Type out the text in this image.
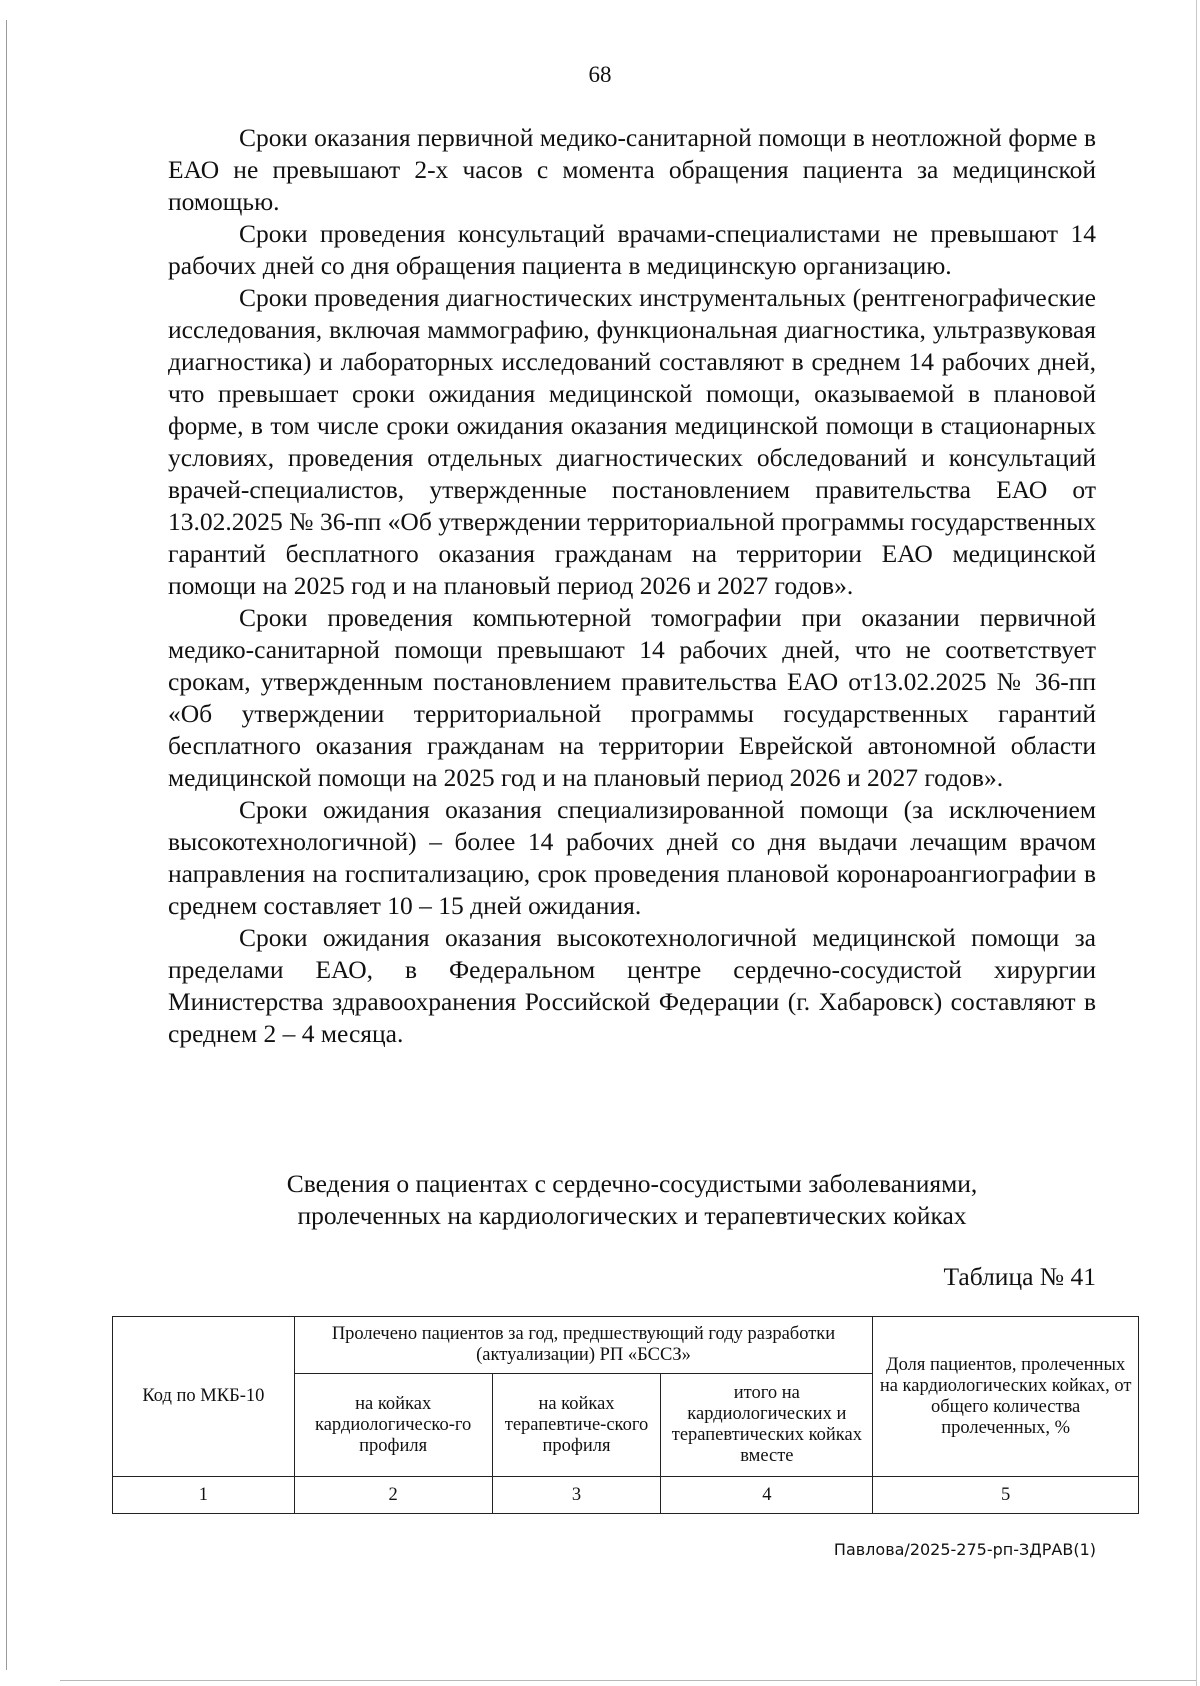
68

Сроки оказания первичной медико-санитарной помощи в неотложной форме в ЕАО не превышают 2-х часов с момента обращения пациента за медицинской помощью.

Сроки проведения консультаций врачами-специалистами не превышают 14 рабочих дней со дня обращения пациента в медицинскую организацию.

Сроки проведения диагностических инструментальных (рентгенографические исследования, включая маммографию, функциональная диагностика, ультразвуковая диагностика) и лабораторных исследований составляют в среднем 14 рабочих дней, что превышает сроки ожидания медицинской помощи, оказываемой в плановой форме, в том числе сроки ожидания оказания медицинской помощи в стационарных условиях, проведения отдельных диагностических обследований и консультаций врачей-специалистов, утвержденные постановлением правительства ЕАО от 13.02.2025 № 36-пп «Об утверждении территориальной программы государственных гарантий бесплатного оказания гражданам на территории ЕАО медицинской помощи на 2025 год и на плановый период 2026 и 2027 годов».

Сроки проведения компьютерной томографии при оказании первичной медико-санитарной помощи превышают 14 рабочих дней, что не соответствует срокам, утвержденным постановлением правительства ЕАО от13.02.2025 № 36-пп «Об утверждении территориальной программы государственных гарантий бесплатного оказания гражданам на территории Еврейской автономной области медицинской помощи на 2025 год и на плановый период 2026 и 2027 годов».

Сроки ожидания оказания специализированной помощи (за исключением высокотехнологичной) – более 14 рабочих дней со дня выдачи лечащим врачом направления на госпитализацию, срок проведения плановой коронароангиографии в среднем составляет 10 – 15 дней ожидания.

Сроки ожидания оказания высокотехнологичной медицинской помощи за пределами ЕАО, в Федеральном центре сердечно-сосудистой хирургии Министерства здравоохранения Российской Федерации (г. Хабаровск) составляют в среднем 2 – 4 месяца.

Сведения о пациентах с сердечно-сосудистыми заболеваниями,
пролеченных на кардиологических и терапевтических койках
Таблица № 41
Код по МКБ-10	Пролечено пациентов за год, предшествующий году разработки (актуализации) РП «БССЗ»			Доля пациентов, пролеченных на кардиологических койках, от общего количества пролеченных, %
	на койках кардиологическо-го профиля	на койках терапевтиче-ского профиля	итого на кардиологических и терапевтических койках вместе	
1	2	3	4	5
Павлова/2025-275-рп-ЗДРАВ(1)
